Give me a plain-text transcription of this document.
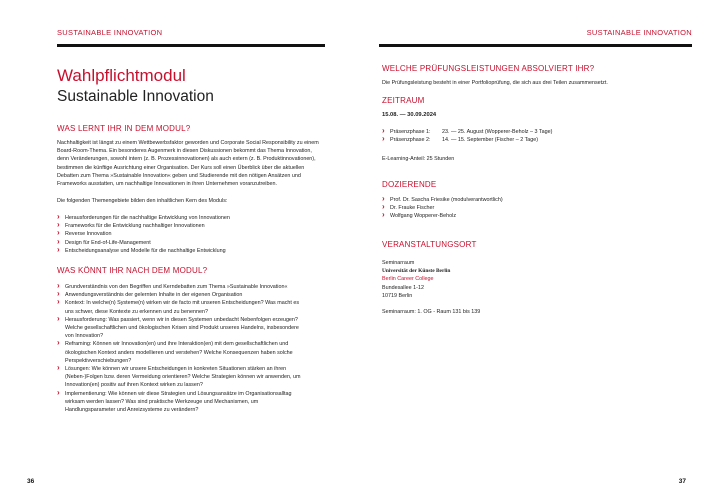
SUSTAINABLE INNOVATION
Wahlpflichtmodul
Sustainable Innovation
WAS LERNT IHR IN DEM MODUL?
Nachhaltigkeit ist längst zu einem Wettbewerbsfaktor geworden und Corporate Social Responsibility zu einem Board-Room-Thema. Ein besonderes Augenmerk in diesen Diskussionen bekommt das Thema Innovation, denn Veränderungen, sowohl intern (z. B. Prozessinnovationen) als auch extern (z. B. Produktinnovationen), bestimmen die künftige Ausrichtung einer Organisation. Der Kurs soll einen Überblick über die aktuellen Debatten zum Thema »Sustainable Innovation« geben und Studierende mit den nötigen Ansätzen und Frameworks ausstatten, um nachhaltige Innovationen in ihren Unternehmen voranzutreiben.
Die folgenden Themengebiete bilden den inhaltlichen Kern des Moduls:
› Herausforderungen für die nachhaltige Entwicklung von Innovationen
› Frameworks für die Entwicklung nachhaltiger Innovationen
› Reverse Innovation
› Design für End-of-Life-Management
› Entscheidungsanalyse und Modelle für die nachhaltige Entwicklung
WAS KÖNNT IHR NACH DEM MODUL?
› Grundverständnis von den Begriffen und Kerndebatten zum Thema »Sustainable Innovation«
› Anwendungsverständnis der gelernten Inhalte in der eigenen Organisation
› Kontext: In welche(n) Systeme(n) wirken wir de facto mit unseren Entscheidungen? Was macht es uns schwer, diese Kontexte zu erkennen und zu benennen?
› Herausforderung: Was passiert, wenn wir in diesen Systemen unbedacht Nebenfolgen erzeugen? Welche gesellschaftlichen und ökologischen Krisen sind Produkt unseres Handelns, insbesondere von Innovation?
› Reframing: Können wir Innovation(en) und ihre Interaktion(en) mit dem gesellschaftlichen und ökologischen Kontext anders modellieren und verstehen? Welche Konsequenzen haben solche Perspektivverschiebungen?
› Lösungen: Wie können wir unsere Entscheidungen in konkreten Situationen stärken an ihren (Neben-)Folgen bzw. deren Vermeidung orientieren? Welche Strategien können wir anwenden, um Innovation(en) positiv auf ihren Kontext wirken zu lassen?
› Implementierung: Wie können wir diese Strategien und Lösungsansätze im Organisationsalltag wirksam werden lassen? Was sind praktische Werkzeuge und Mechanismen, um Handlungsparameter und Anreizsysteme zu verändern?
36
SUSTAINABLE INNOVATION
WELCHE PRÜFUNGSLEISTUNGEN ABSOLVIERT IHR?
Die Prüfungsleistung besteht in einer Portfolioprüfung, die sich aus drei Teilen zusammensetzt.
ZEITRAUM
15.08. — 30.09.2024
› Präsenzphase 1:	23. — 25. August (Wopperer-Beholz – 3 Tage)
› Präsenzphase 2:	14. — 15. September (Fischer – 2 Tage)
E-Learning-Anteil: 25 Stunden
DOZIERENDE
› Prof. Dr. Sascha Friesike (modulverantwortlich)
› Dr. Frauke Fischer
› Wolfgang Wopperer-Beholz
VERANSTALTUNGSORT
Seminarraum
Universität der Künste Berlin
Berlin Career College
Bundesallee 1-12
10719 Berlin
Seminarraum: 1. OG - Raum 131 bis 139
37
